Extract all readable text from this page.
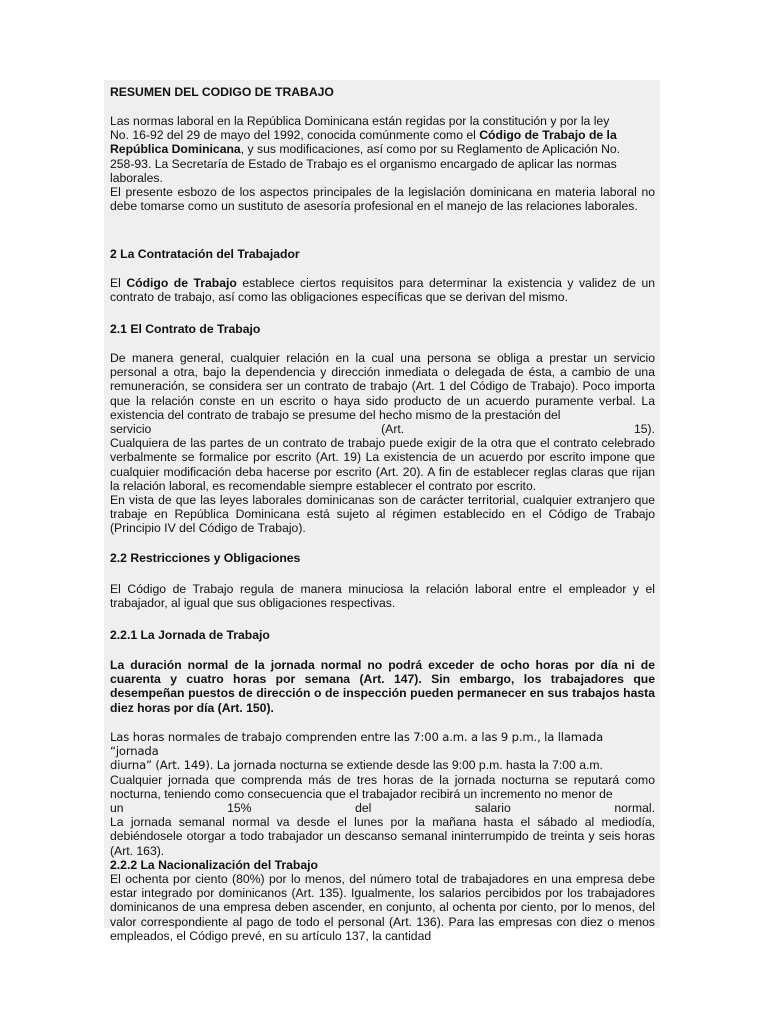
RESUMEN DEL CODIGO DE TRABAJO
Las normas laboral en la República Dominicana están regidas por la constitución y por la ley
No. 16-92 del 29 de mayo del 1992, conocida comúnmente como el Código de Trabajo de la
República Dominicana, y sus modificaciones, así como por su Reglamento de Aplicación No.
258-93. La Secretaría de Estado de Trabajo es el organismo encargado de aplicar las normas
laborales.

El presente esbozo de los aspectos principales de la legislación dominicana en materia laboral no debe tomarse como un sustituto de asesoría profesional en el manejo de las relaciones laborales.

2 La Contratación del Trabajador

El Código de Trabajo establece ciertos requisitos para determinar la existencia y validez de un contrato de trabajo, así como las obligaciones específicas que se derivan del mismo.

2.1 El Contrato de Trabajo

De manera general, cualquier relación en la cual una persona se obliga a prestar un servicio personal a otra, bajo la dependencia y dirección inmediata o delegada de ésta, a cambio de una remuneración, se considera ser un contrato de trabajo (Art. 1 del Código de Trabajo). Poco importa que la relación conste en un escrito o haya sido producto de un acuerdo puramente verbal. La existencia del contrato de trabajo se presume del hecho mismo de la prestación del

servicio	(Art.	15).

Cualquiera de las partes de un contrato de trabajo puede exigir de la otra que el contrato celebrado verbalmente se formalice por escrito (Art. 19) La existencia de un acuerdo por escrito impone que cualquier modificación deba hacerse por escrito (Art. 20). A fin de establecer reglas claras que rijan la relación laboral, es recomendable siempre establecer el contrato por escrito.

En vista de que las leyes laborales dominicanas son de carácter territorial, cualquier extranjero que trabaje en República Dominicana está sujeto al régimen establecido en el Código de Trabajo (Principio IV del Código de Trabajo).

2.2 Restricciones y Obligaciones

El Código de Trabajo regula de manera minuciosa la relación laboral entre el empleador y el trabajador, al igual que sus obligaciones respectivas.

2.2.1 La Jornada de Trabajo

La duración normal de la jornada normal no podrá exceder de ocho horas por día ni de cuarenta y cuatro horas por semana (Art. 147). Sin embargo, los trabajadores que desempeñan puestos de dirección o de inspección pueden permanecer en sus trabajos hasta diez horas por día (Art. 150).

Las horas normales de trabajo comprenden entre las 7:00 a.m. a las 9 p.m., la llamada “jornada
diurna” (Art. 149). La jornada nocturna se extiende desde las 9:00 p.m. hasta la 7:00 a.m.

Cualquier jornada que comprenda más de tres horas de la jornada nocturna se reputará como nocturna, teniendo como consecuencia que el trabajador recibirá un incremento no menor de

un	15%	del	salario	normal.

La jornada semanal normal va desde el lunes por la mañana hasta el sábado al mediodía, debiéndosele otorgar a todo trabajador un descanso semanal ininterrumpido de treinta y seis horas (Art. 163).

2.2.2 La Nacionalización del Trabajo

El ochenta por ciento (80%) por lo menos, del número total de trabajadores en una empresa debe estar integrado por dominicanos (Art. 135). Igualmente, los salarios percibidos por los trabajadores dominicanos de una empresa deben ascender, en conjunto, al ochenta por ciento, por lo menos, del valor correspondiente al pago de todo el personal (Art. 136). Para las empresas con diez o menos empleados, el Código prevé, en su artículo 137, la cantidad
